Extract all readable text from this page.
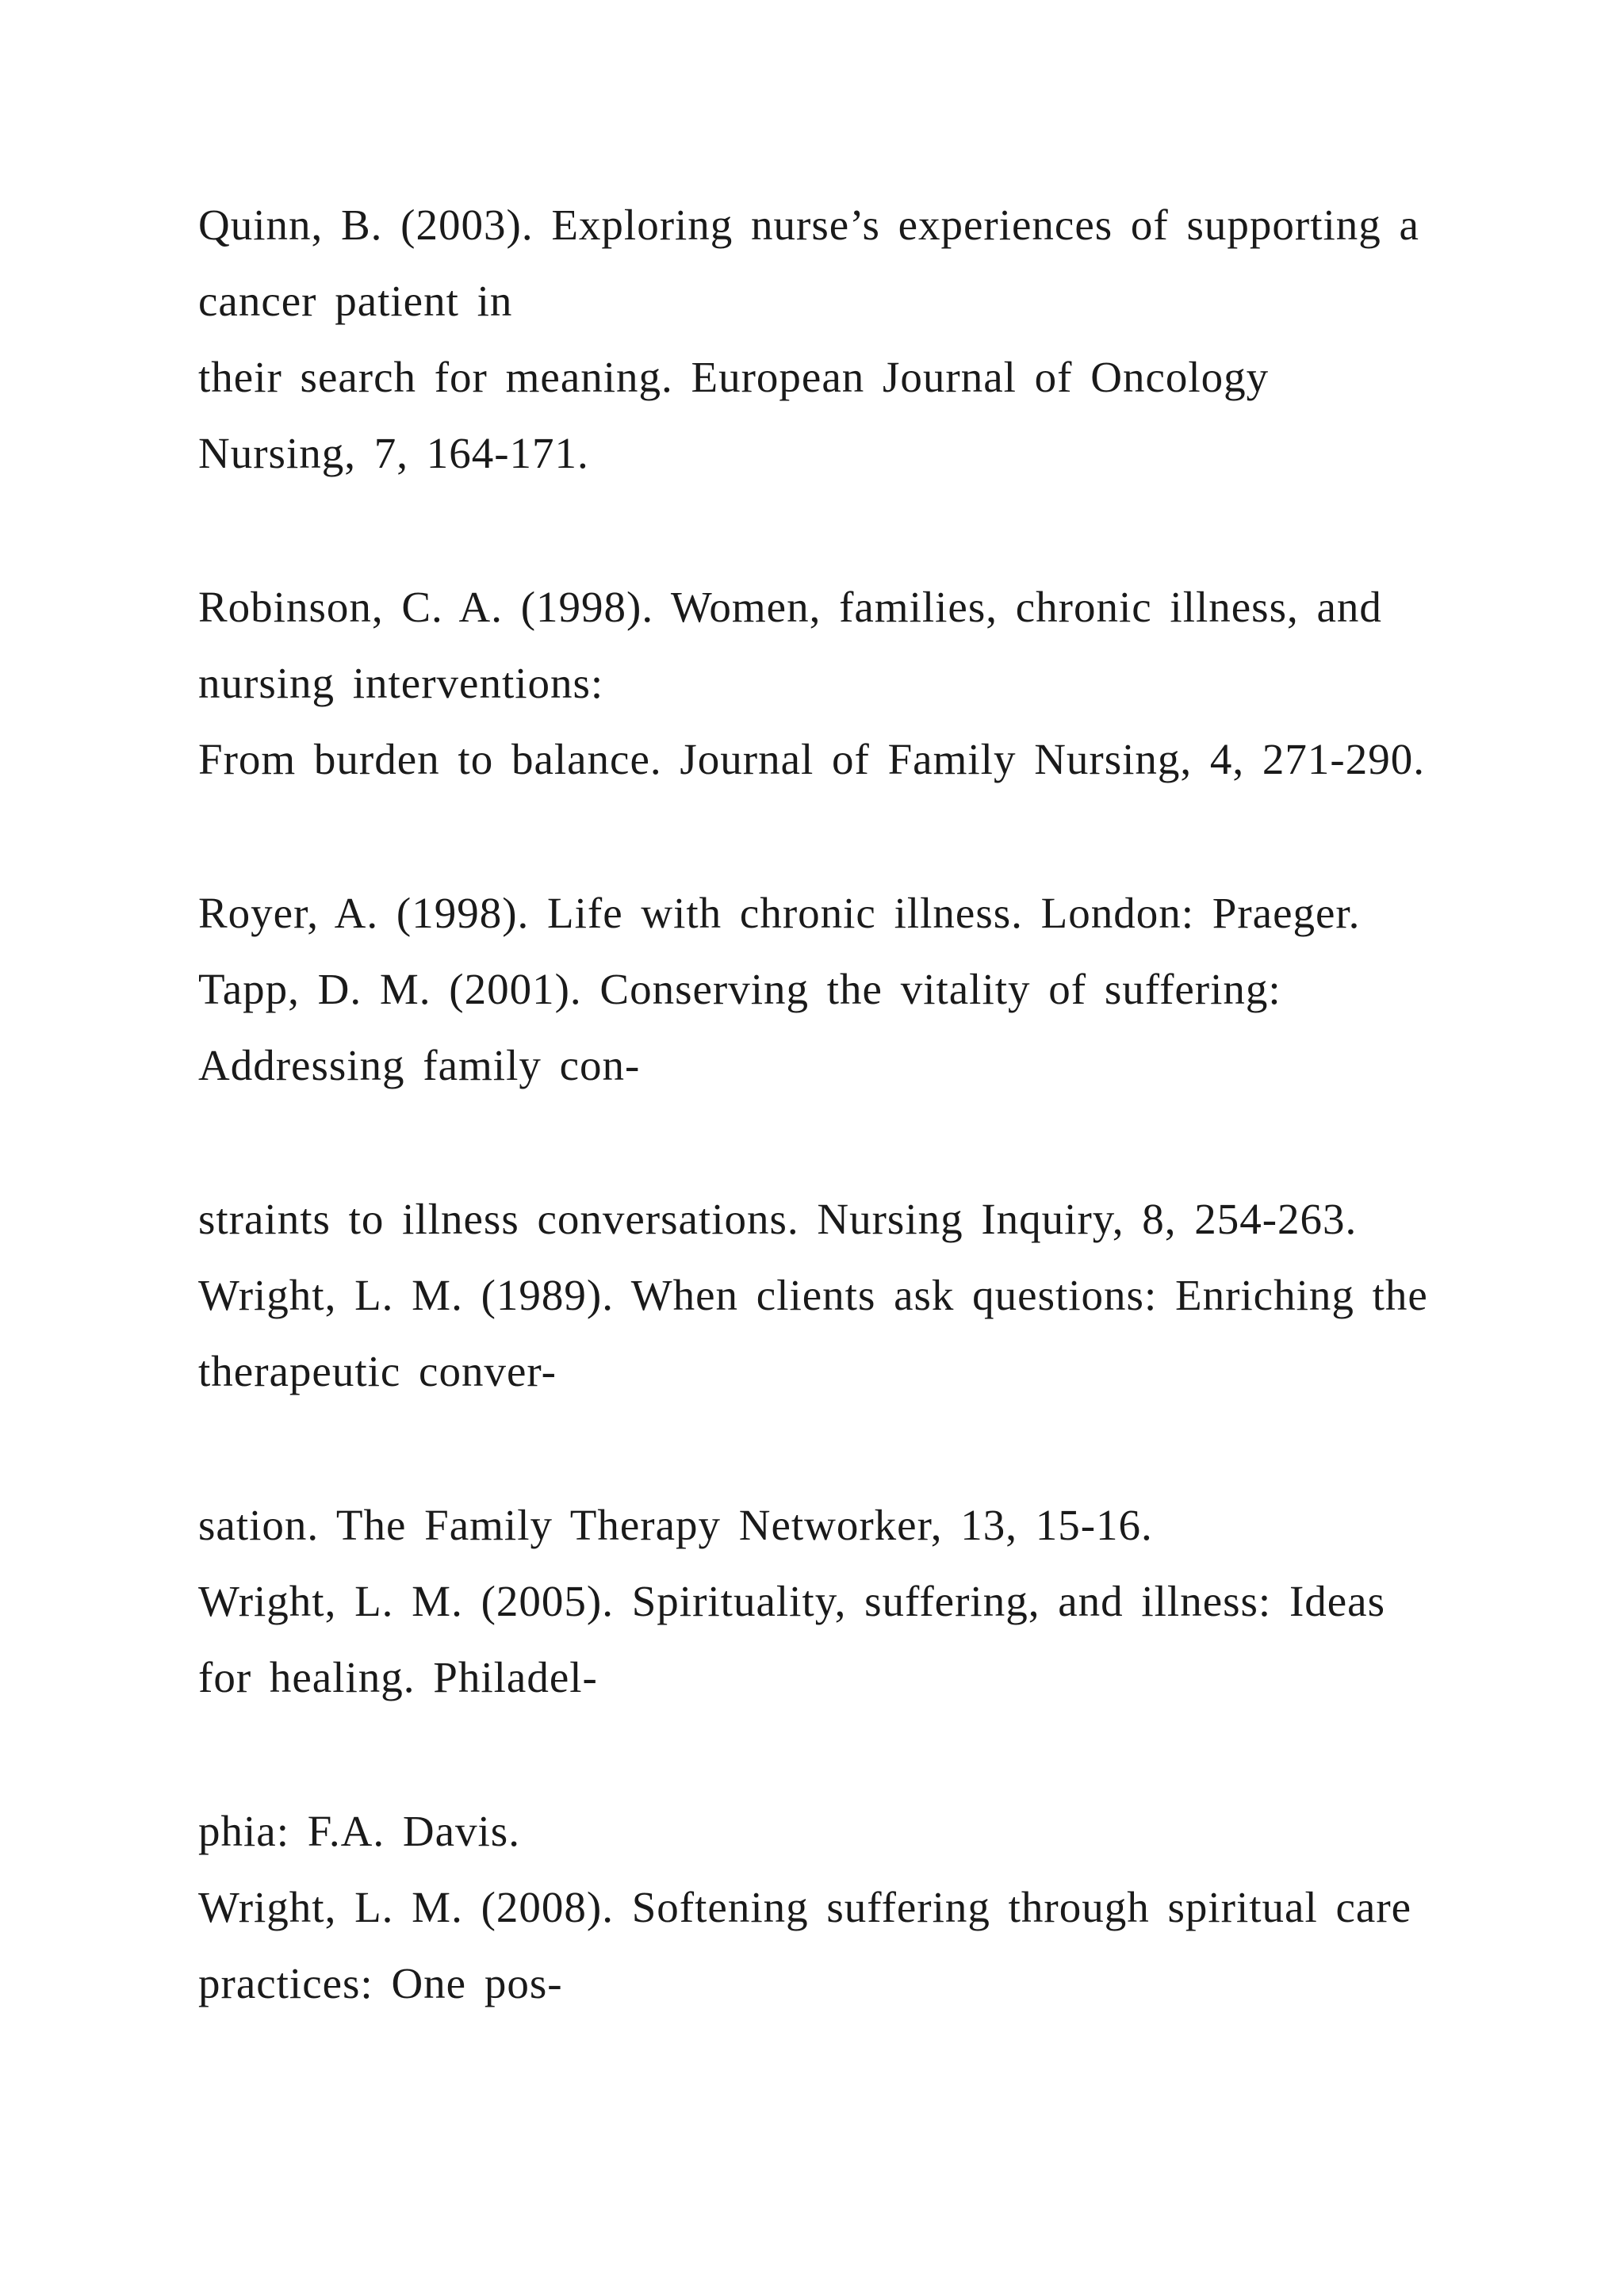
Quinn, B. (2003). Exploring nurse’s experiences of supporting a
cancer patient in
their search for meaning. European Journal of Oncology
Nursing, 7, 164-171.
Robinson, C. A. (1998). Women, families, chronic illness, and
nursing interventions:
From burden to balance. Journal of Family Nursing, 4, 271-290.
Royer, A. (1998). Life with chronic illness. London: Praeger.
Tapp, D. M. (2001). Conserving the vitality of suffering:
Addressing family con-
straints to illness conversations. Nursing Inquiry, 8, 254-263.
Wright, L. M. (1989). When clients ask questions: Enriching the
therapeutic conver-
sation. The Family Therapy Networker, 13, 15-16.
Wright, L. M. (2005). Spirituality, suffering, and illness: Ideas
for healing. Philadel-
phia: F.A. Davis.
Wright, L. M. (2008). Softening suffering through spiritual care
practices: One pos-
